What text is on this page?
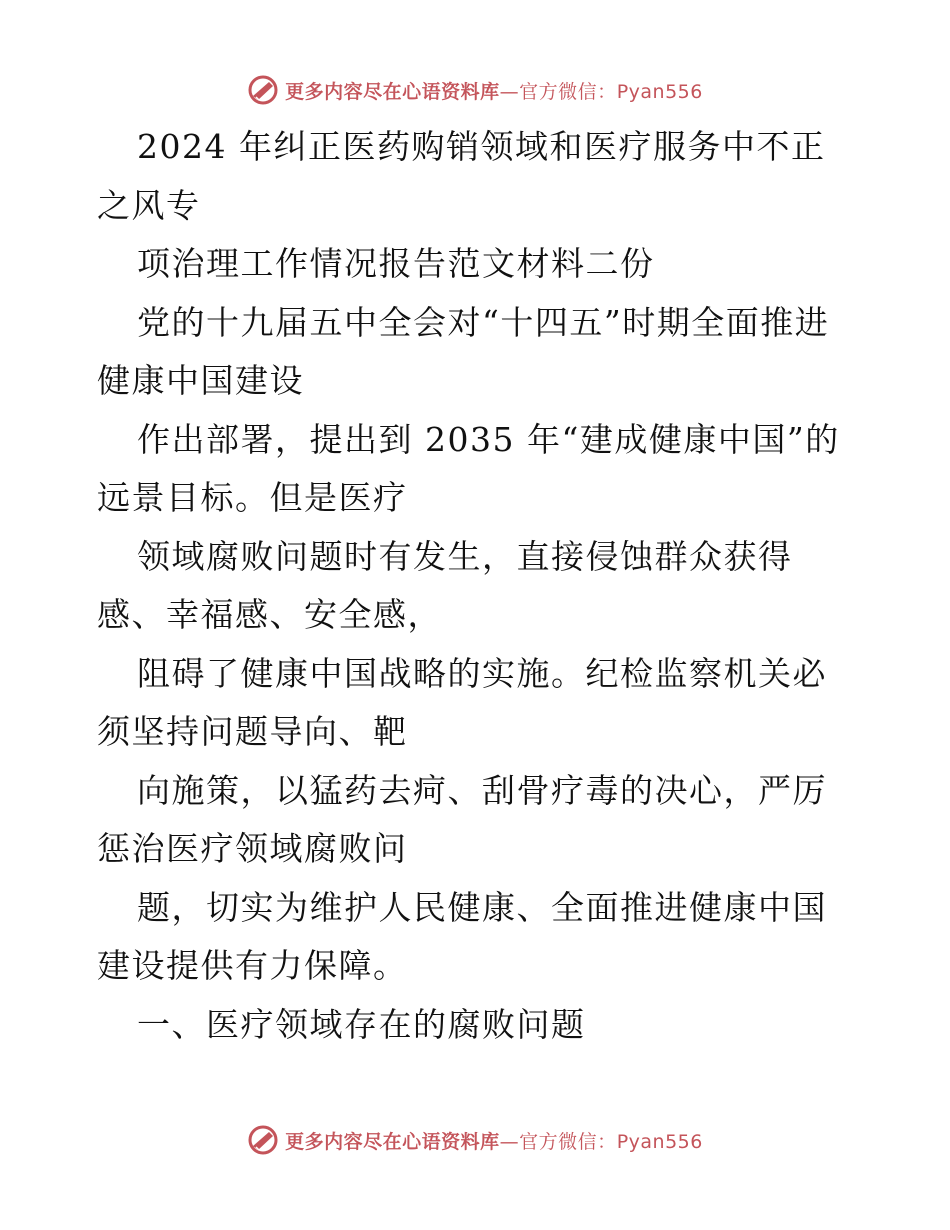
更多内容尽在心语资料库—官方微信：Pyan556

2024 年纠正医药购销领域和医疗服务中不正之风专

项治理工作情况报告范文材料二份

党的十九届五中全会对“十四五”时期全面推进健康中国建设

作出部署，提出到 2035 年“建成健康中国”的远景目标。但是医疗

领域腐败问题时有发生，直接侵蚀群众获得感、幸福感、安全感，

阻碍了健康中国战略的实施。纪检监察机关必须坚持问题导向、靶

向施策，以猛药去疴、刮骨疗毒的决心，严厉惩治医疗领域腐败问

题，切实为维护人民健康、全面推进健康中国建设提供有力保障。

一、医疗领域存在的腐败问题

更多内容尽在心语资料库—官方微信：Pyan556
